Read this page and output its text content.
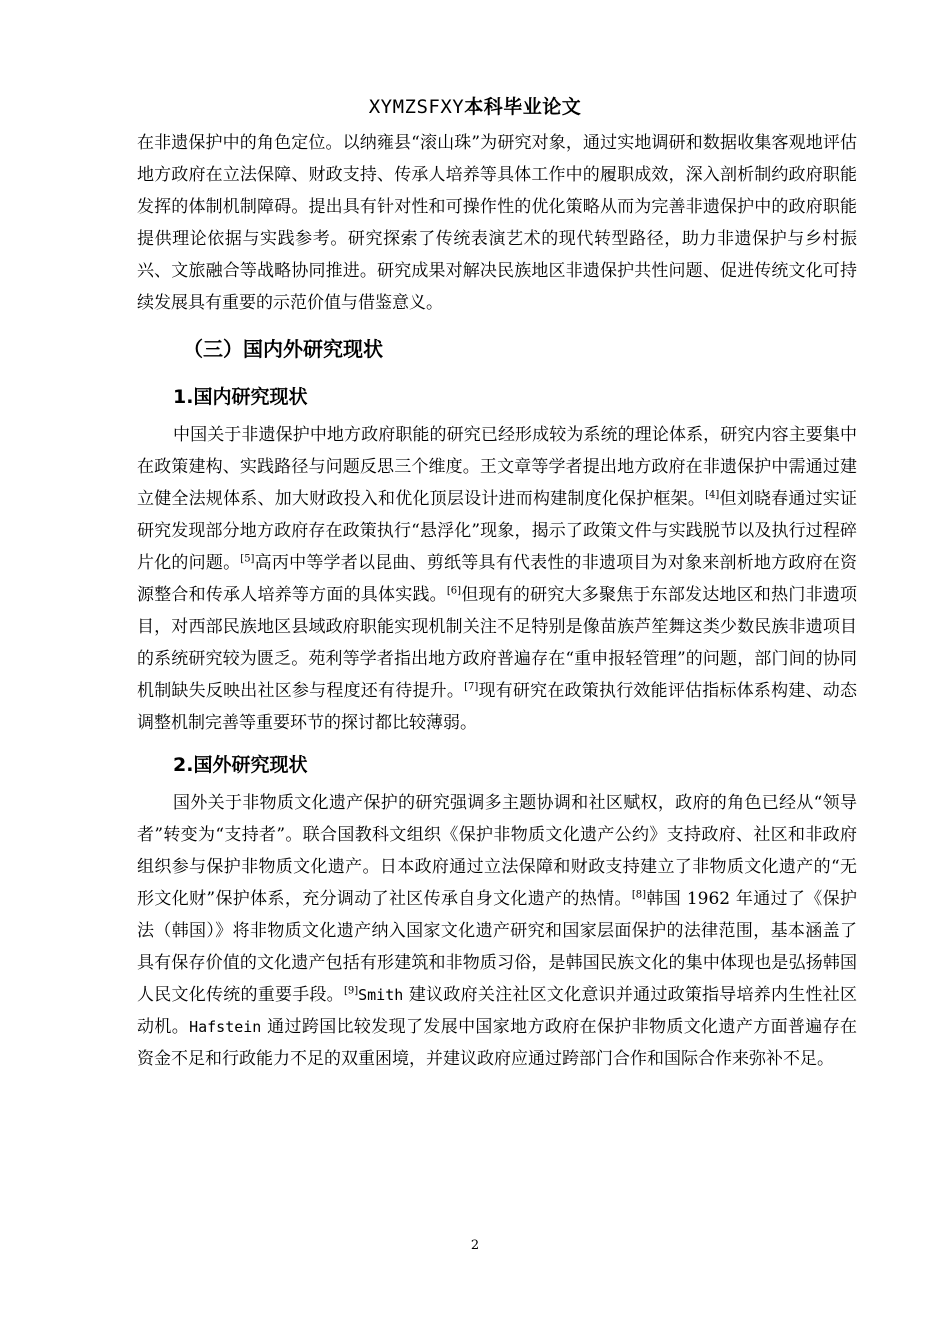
XYMZSFXY本科毕业论文

在非遗保护中的角色定位。以纳雍县“滚山珠”为研究对象，通过实地调研和数据收集客观地评估地方政府在立法保障、财政支持、传承人培养等具体工作中的履职成效，深入剖析制约政府职能发挥的体制机制障碍。提出具有针对性和可操作性的优化策略从而为完善非遗保护中的政府职能提供理论依据与实践参考。研究探索了传统表演艺术的现代转型路径，助力非遗保护与乡村振兴、文旅融合等战略协同推进。研究成果对解决民族地区非遗保护共性问题、促进传统文化可持续发展具有重要的示范价值与借鉴意义。

（三）国内外研究现状
1.国内研究现状

中国关于非遗保护中地方政府职能的研究已经形成较为系统的理论体系，研究内容主要集中在政策建构、实践路径与问题反思三个维度。王文章等学者提出地方政府在非遗保护中需通过建立健全法规体系、加大财政投入和优化顶层设计进而构建制度化保护框架。[4]但刘晓春通过实证研究发现部分地方政府存在政策执行“悬浮化”现象，揭示了政策文件与实践脱节以及执行过程碎片化的问题。[5]高丙中等学者以昆曲、剪纸等具有代表性的非遗项目为对象来剖析地方政府在资源整合和传承人培养等方面的具体实践。[6]但现有的研究大多聚焦于东部发达地区和热门非遗项目，对西部民族地区县域政府职能实现机制关注不足特别是像苗族芦笙舞这类少数民族非遗项目的系统研究较为匮乏。苑利等学者指出地方政府普遍存在“重申报轻管理”的问题，部门间的协同机制缺失反映出社区参与程度还有待提升。[7]现有研究在政策执行效能评估指标体系构建、动态调整机制完善等重要环节的探讨都比较薄弱。

2.国外研究现状

国外关于非物质文化遗产保护的研究强调多主题协调和社区赋权，政府的角色已经从“领导者”转变为“支持者”。联合国教科文组织《保护非物质文化遗产公约》支持政府、社区和非政府组织参与保护非物质文化遗产。日本政府通过立法保障和财政支持建立了非物质文化遗产的“无形文化财”保护体系，充分调动了社区传承自身文化遗产的热情。[8]韩国 1962 年通过了《保护法（韩国）》将非物质文化遗产纳入国家文化遗产研究和国家层面保护的法律范围，基本涵盖了具有保存价值的文化遗产包括有形建筑和非物质习俗，是韩国民族文化的集中体现也是弘扬韩国人民文化传统的重要手段。[9]Smith 建议政府关注社区文化意识并通过政策指导培养内生性社区动机。Hafstein 通过跨国比较发现了发展中国家地方政府在保护非物质文化遗产方面普遍存在资金不足和行政能力不足的双重困境，并建议政府应通过跨部门合作和国际合作来弥补不足。

2
